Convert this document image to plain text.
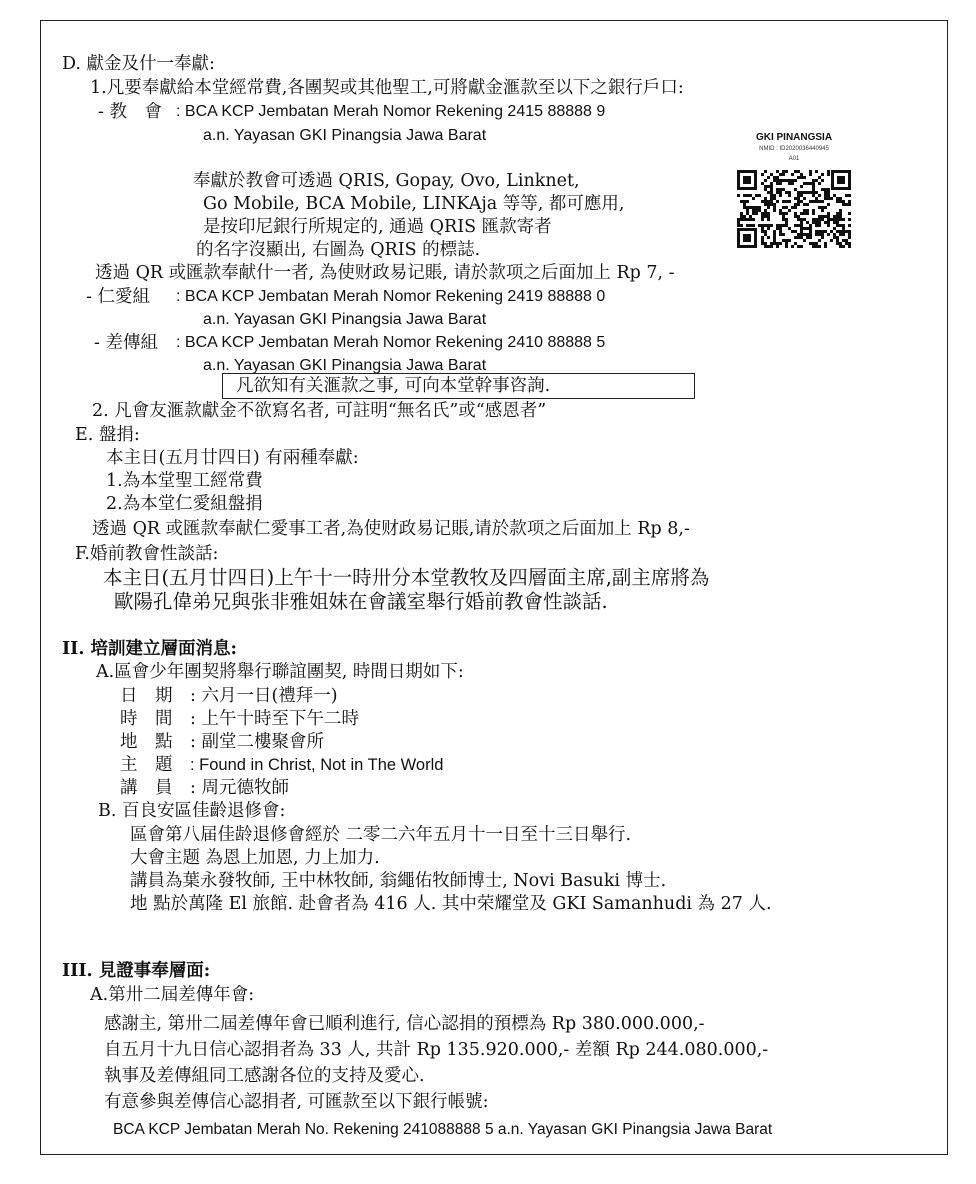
D. 獻金及什一奉獻:
1.凡要奉獻給本堂經常費,各團契或其他聖工,可將獻金滙款至以下之銀行戶口:
- 教　會 : BCA KCP Jembatan Merah Nomor Rekening 2415 88888 9
a.n. Yayasan GKI Pinangsia Jawa Barat
奉獻於教會可透過 QRIS, Gopay, Ovo, Linknet,
Go Mobile, BCA Mobile, LINKAja 等等, 都可應用,
是按印尼銀行所規定的, 通過 QRIS 匯款寄者
的名字沒顯出, 右圖為 QRIS 的標誌.
GKI PINANGSIA
NMID : ID2020036440945
A01
透過 QR 或匯款奉献什一者, 為使财政易记賬, 请於款项之后面加上 Rp 7, -
- 仁愛組 : BCA KCP Jembatan Merah Nomor Rekening 2419 88888 0
a.n. Yayasan GKI Pinangsia Jawa Barat
- 差傳組 : BCA KCP Jembatan Merah Nomor Rekening 2410 88888 5
a.n. Yayasan GKI Pinangsia Jawa Barat
凡欲知有关滙款之事, 可向本堂幹事咨詢.
2. 凡會友滙款獻金不欲寫名者, 可註明“無名氏”或“感恩者”
E. 盤捐:
本主日(五月廿四日) 有兩種奉獻:
1.為本堂聖工經常費
2.為本堂仁愛組盤捐
透過 QR 或匯款奉献仁愛事工者,為使财政易记賬,请於款项之后面加上 Rp 8,-
F.婚前教會性談話:
本主日(五月廿四日)上午十一時卅分本堂教牧及四層面主席,副主席將為
歐陽孔偉弟兄與张非雅姐妹在會議室舉行婚前教會性談話.
II. 培訓建立層面消息:
A.區會少年團契將舉行聯誼團契, 時間日期如下:
日　期 : 六月一日(禮拜一)
時　間 : 上午十時至下午二時
地　點 : 副堂二樓聚會所
主　題 : Found in Christ, Not in The World
講　員 : 周元德牧師
B. 百良安區佳齡退修會:
區會第八届佳龄退修會經於 二零二六年五月十一日至十三日舉行.
大會主题 為恩上加恩, 力上加力.
講員為葉永發牧師, 王中林牧師, 翁繩佑牧師博士, Novi Basuki 博士.
地 點於萬隆 El 旅館. 赴會者為 416 人. 其中荣耀堂及 GKI Samanhudi 為 27 人.
III. 見證事奉層面:
A.第卅二屆差傳年會:
感謝主, 第卅二屆差傳年會已順利進行, 信心認捐的預標為 Rp 380.000.000,-
自五月十九日信心認捐者為 33 人, 共計 Rp 135.920.000,- 差額 Rp 244.080.000,-
執事及差傳組同工感謝各位的支持及愛心.
有意參與差傳信心認捐者, 可匯款至以下銀行帳號:
BCA KCP Jembatan Merah No. Rekening 241088888 5 a.n. Yayasan GKI Pinangsia Jawa Barat
